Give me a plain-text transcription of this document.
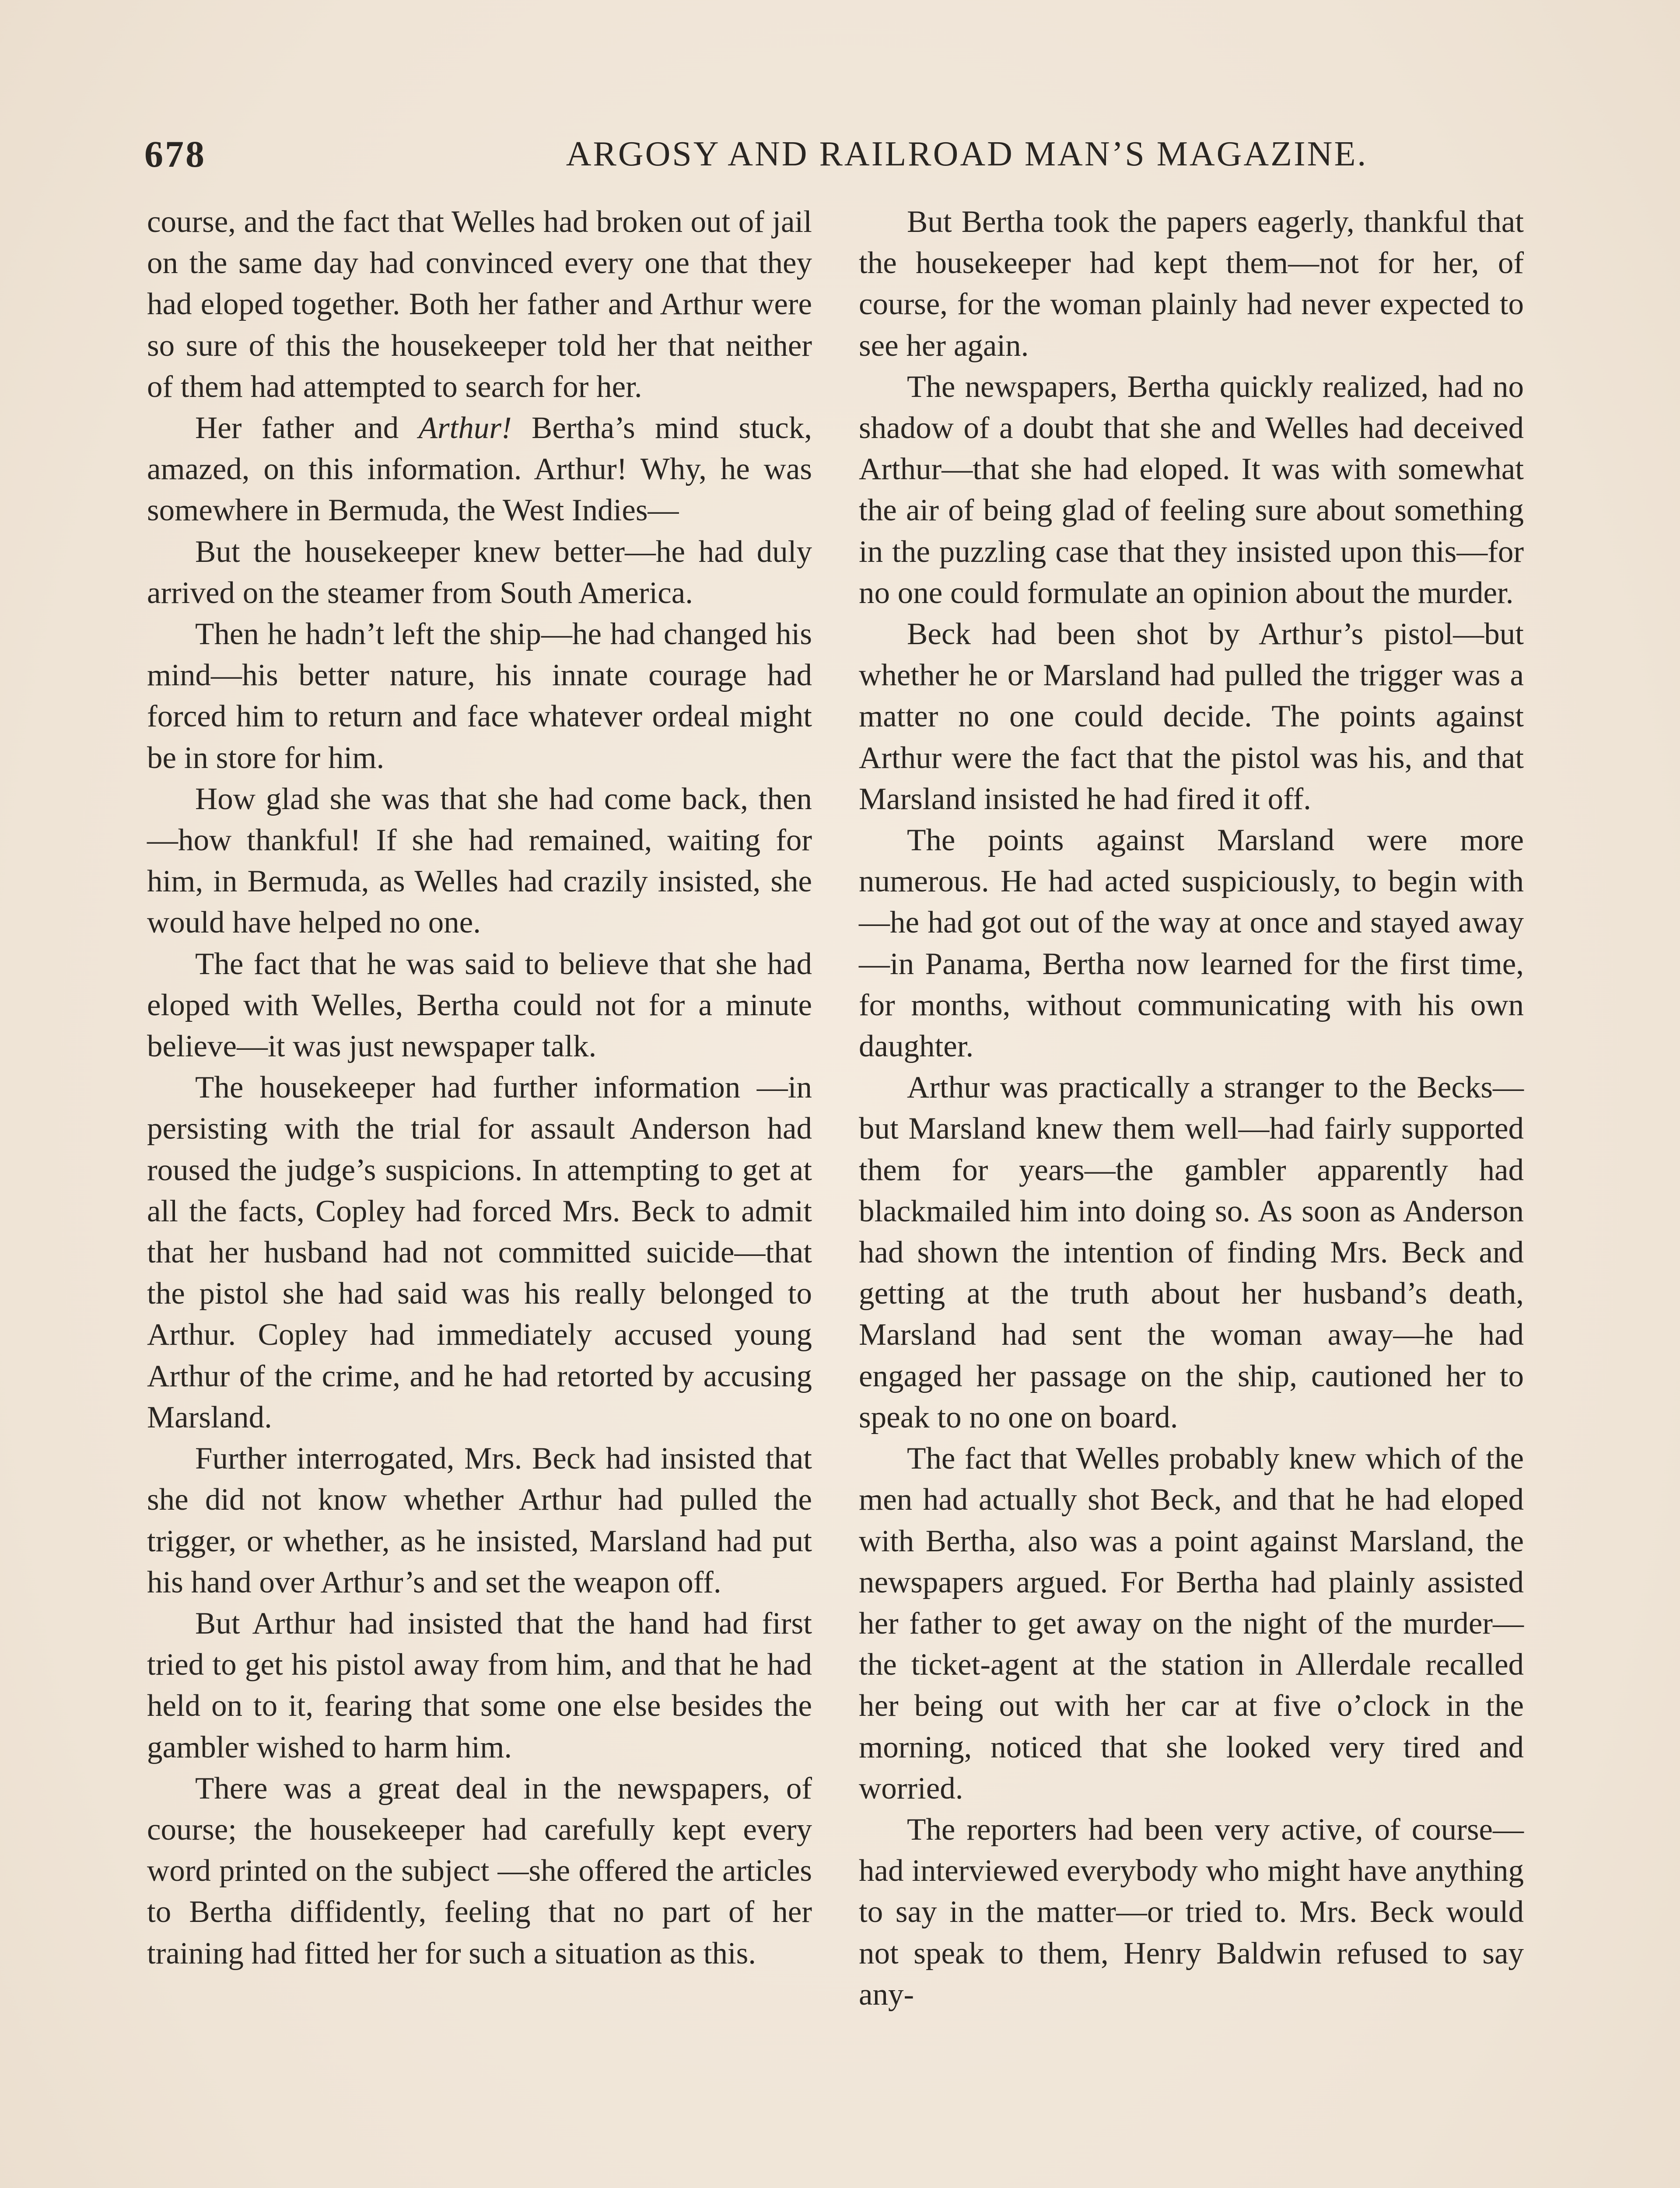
678	ARGOSY AND RAILROAD MAN’S MAGAZINE.

course, and the fact that Welles had broken out of jail on the same day had convinced every one that they had eloped together. Both her father and Arthur were so sure of this the housekeeper told her that neither of them had attempted to search for her.

Her father and Arthur! Bertha’s mind stuck, amazed, on this information. Arthur! Why, he was somewhere in Bermuda, the West Indies—

But the housekeeper knew better—he had duly arrived on the steamer from South America.

Then he hadn’t left the ship—he had changed his mind—his better nature, his innate courage had forced him to return and face whatever ordeal might be in store for him.

How glad she was that she had come back, then—how thankful! If she had remained, waiting for him, in Bermuda, as Welles had crazily insisted, she would have helped no one.

The fact that he was said to believe that she had eloped with Welles, Bertha could not for a minute believe—it was just newspaper talk.

The housekeeper had further information —in persisting with the trial for assault Anderson had roused the judge’s suspicions. In attempting to get at all the facts, Copley had forced Mrs. Beck to admit that her husband had not committed suicide—that the pistol she had said was his really belonged to Arthur. Copley had immediately accused young Arthur of the crime, and he had retorted by accusing Marsland.

Further interrogated, Mrs. Beck had insisted that she did not know whether Arthur had pulled the trigger, or whether, as he insisted, Marsland had put his hand over Arthur’s and set the weapon off.

But Arthur had insisted that the hand had first tried to get his pistol away from him, and that he had held on to it, fearing that some one else besides the gambler wished to harm him.

There was a great deal in the newspapers, of course; the housekeeper had carefully kept every word printed on the subject —she offered the articles to Bertha diffidently, feeling that no part of her training had fitted her for such a situation as this.

But Bertha took the papers eagerly, thankful that the housekeeper had kept them—not for her, of course, for the woman plainly had never expected to see her again.

The newspapers, Bertha quickly realized, had no shadow of a doubt that she and Welles had deceived Arthur—that she had eloped. It was with somewhat the air of being glad of feeling sure about something in the puzzling case that they insisted upon this—for no one could formulate an opinion about the murder.

Beck had been shot by Arthur’s pistol—but whether he or Marsland had pulled the trigger was a matter no one could decide. The points against Arthur were the fact that the pistol was his, and that Marsland insisted he had fired it off.

The points against Marsland were more numerous. He had acted suspiciously, to begin with—he had got out of the way at once and stayed away—in Panama, Bertha now learned for the first time, for months, without communicating with his own daughter.

Arthur was practically a stranger to the Becks—but Marsland knew them well—had fairly supported them for years—the gambler apparently had blackmailed him into doing so. As soon as Anderson had shown the intention of finding Mrs. Beck and getting at the truth about her husband’s death, Marsland had sent the woman away—he had engaged her passage on the ship, cautioned her to speak to no one on board.

The fact that Welles probably knew which of the men had actually shot Beck, and that he had eloped with Bertha, also was a point against Marsland, the newspapers argued. For Bertha had plainly assisted her father to get away on the night of the murder—the ticket-agent at the station in Allerdale recalled her being out with her car at five o’clock in the morning, noticed that she looked very tired and worried.

The reporters had been very active, of course—had interviewed everybody who might have anything to say in the matter—or tried to. Mrs. Beck would not speak to them, Henry Baldwin refused to say any-
